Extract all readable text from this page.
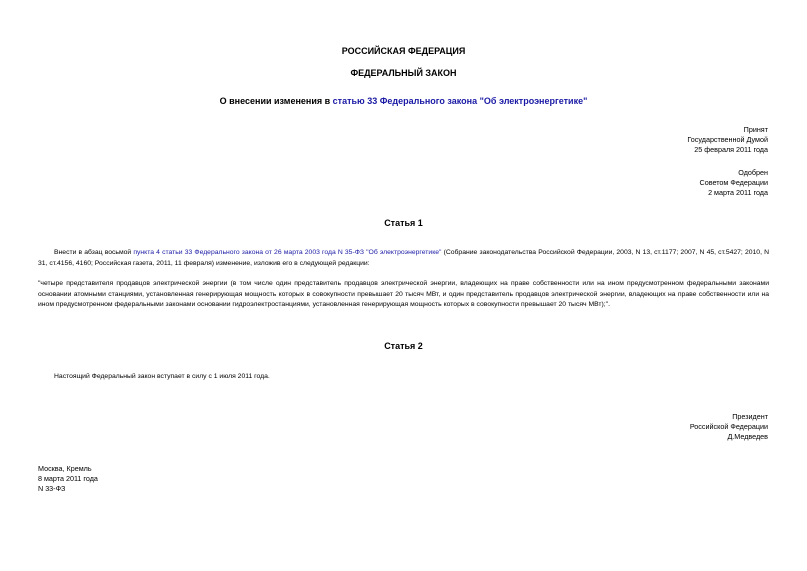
РОССИЙСКАЯ ФЕДЕРАЦИЯ
ФЕДЕРАЛЬНЫЙ ЗАКОН
О внесении изменения в статью 33 Федерального закона "Об электроэнергетике"
Принят
Государственной Думой
25 февраля 2011 года
Одобрен
Советом Федерации
2 марта 2011 года
Статья 1
Внести в абзац восьмой пункта 4 статьи 33 Федерального закона от 26 марта 2003 года N 35-ФЗ "Об электроэнергетике" (Собрание законодательства Российской Федерации, 2003, N 13, ст.1177; 2007, N 45, ст.5427; 2010, N 31, ст.4156, 4160; Российская газета, 2011, 11 февраля) изменение, изложив его в следующей редакции:
"четыре представителя продавцов электрической энергии (в том числе один представитель продавцов электрической энергии, владеющих на праве собственности или на ином предусмотренном федеральными законами основании атомными станциями, установленная генерирующая мощность которых в совокупности превышает 20 тысяч МВт, и один представитель продавцов электрической энергии, владеющих на праве собственности или на ином предусмотренном федеральными законами основании гидроэлектростанциями, установленная генерирующая мощность которых в совокупности превышает 20 тысяч МВт);".
Статья 2
Настоящий Федеральный закон вступает в силу с 1 июля 2011 года.
Президент
Российской Федерации
Д.Медведев
Москва, Кремль
8 марта 2011 года
N 33-ФЗ
